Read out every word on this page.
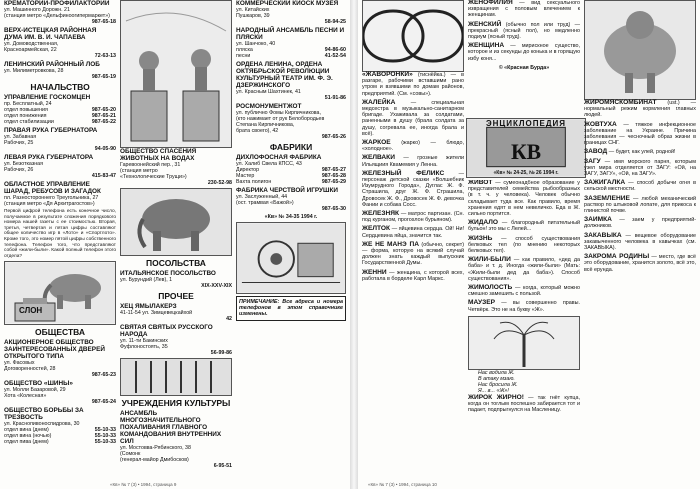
КРЕМАТОРИЙ-ПРОФИЛАКТОРИЙ
ул. Машинного Дорожн. 21
(станция метро «Дельфиноогипермаркет»)
987-65-18
ВЕРХ-ИСТЕЦКАЯ РАЙОННАЯ ДУМА ИМ. В. И. ЧАПАЕВА
ул. Домоводственная,
Красноармейская, 22
72-63-13
ЛЕНИНСКИЙ РАЙОННЫЙ ЛОБ
ул. Милиметровкова, 28
987-65-19
НАЧАЛЬСТВО
УПРАВЛЕНИЕ ГОСКОМЦЕН
пр. Бесплатный, 24
отдел повышения	987-65-20
отдел понижения	987-65-21
отдел стабилизации	987-65-22
ПРАВАЯ РУКА ГУБЕРНАТОРА
ул. Забавная
Рабочих, 25
94-05-90
ЛЕВАЯ РУКА ГУБЕРНАТОРА
ул. Безотказная
Рабочих, 26
415-83-47
ОБЛАСТНОЕ УПРАВЛЕНИЕ ШАРАД, РЕБУСОВ И ЗАГАДОК
пл. Разностороннего Треугольника, 27
(станция метро «Дя Архитрагостов»)
Первой цифрой телефона есть конечное число, получаемое в результате сложения порядкового номера нашей газеты с ее стоимостью. Вторая, третья, четвертая и пятая цифры составляют общее количество игр в «Лото» и «Спортлото». Кроме того, это номер пятой цифры собственного телефона. Телефон того, что представляют собой «жили-были». Какой полный телефон этого отдела?
СЛОН
ОБЩЕСТВА
АКЦИОНЕРНОЕ ОБЩЕСТВО ЗАИНТЕРЕСОВАННЫХ ДВЕРЕЙ ОТКРЫТОГО ТИПА
ул. Фасовых
Договоренностей, 28
987-65-23
ОБЩЕСТВО «ШИНЫ»
ул. Молли Базаровой, 29
Хота «Колесная»
987-65-24
ОБЩЕСТВО БОРЬБЫ ЗА ТРЕЗВОСТЬ
ул. Краснопивоноспидрова, 30
отдел вина (днем)	55-10-33
отдел вина (ночью)	55-10-33
отдел пива (днем)	55-10-33
ОБЩЕСТВО СПАСЕНИЯ ЖИВОТНЫХ НА ВОДАХ
Гаревоонейский пер., 31
(станция метро
«Технологические Трущи»)
230-52-98
ПОСОЛЬСТВА
ИТАЛЬЯНСКОЕ ПОСОЛЬСТВО
ул. Бурундий (Лев), 1
XIX-XXV-XIX
ПРОЧЕЕ
ХЕЦ ЯМЫЛАКЕРЗ
41-11-54 ул. Зимцевецкайхой
42
СВЯТАЯ СВЯТЫХ РУССКОГО НАРОДА
ул. 11-ти Бакинских
Фуфлоностоять, 35
56-99-86
УЧРЕЖДЕНИЯ КУЛЬТУРЫ
АНСАМБЛЬ МНОГОЗНАЧИТЕЛЬНОГО ПОХАЛИВАНИЯ ГЛАВНОГО КОМАНДОВАНИЯ ВНУТРЕННИХ СИЛ
ул. Мостовва-Рябинского, 38
(Сомонк
(генерал-майор Дмибосков)
6-95-51
КОММЕРЧЕСКИЙ КИОСК МУЗЕЯ
ул. Китайских
Пушкаров, 39
58-94-25
НАРОДНЫЙ АНСАМБЛЬ ПЕСНИ И ПЛЯСКИ
ул. Шанчоко, 40
пляска	94-86-60
песни	41-52-54
ОРДЕНА ЛЕНИНА, ОРДЕНА ОКТЯБРЬСКОЙ РЕВОЛЮЦИИ КУЛЬТУРНЫЙ ТЕАТР ИМ. Ф. Э. ДЗЕРЖИНСКОГО
ул. Красным Шахтинек, 41
51-91-86
РОСМОНУМЕНТЖОТ
ул. публично Фомы Кирпичникова,
(кто нажимает от рук Белобородьев
Степана Кирпичникова,
брата своего), 42
987-65-26
ФАБРИКИ
ДИХЛОФОСНАЯ ФАБРИКА
ул. Халиб Свела КПСС, 43
Директор	987-65-27
Мастер	987-65-28
Вахта полигон	987-65-29
ФАБРИКА ЧЕРСТВОЙ ИГРУШКИ
ул. Заслуженный, 44
(ост. трамвая «Бажой»)
987-65-30
«Кв» № 34-35 1994 г.
ПРИМЕЧАНИЕ: Все адреса и номера телефонов в этом справочнике изменены.
«Кв» № 7 (3) • 1994, страница 9
«ЖАВОРОНКИ» (тиснёйка.) — в разгаре, рабочими вставшими рано утром и взявшими по домам районов, предприятий. (См. «совы»).
ЖАЛЕЙКА — специальная медсестра в музыкально-санитарном бригаде. Ухаживала за солдатами, раненными в душу (брала солдата за душу, согревала ее, иногда брала и всё).
ЖАРКОЕ (жарко) — блюдо, «холодное».
ЖЕЛВАКИ — грозные жители Ильящиия Квамемия у Ленна.
ЖЕЛЕЗНЫЙ ФЕЛИКС — персонаж детской сказки «Волшебник Изумрудного Города», Дуглас Ж. Ф. Страшила, друг Ж. Ф. Страшила, Дровосек Ж. Ф., Дровосек Ж. Ф. девочка Фании и собака Сосс.
ЖЕЛЕЗНЯК — матрос партизан. (Сн. под курганом, пporosлон бурьяном).
ЖЕЛТОК — яйцевина сердца. Ой! Ни! Сердцевина яйца, значится так.
ЖЕ НЕ МАНЭ ПА (обычно, секрет) — форма, которую на всякий случай должен знать каждый выпускник Государственной Думы.
ЖЕННИ — женщина, с которой всех, работала в борделе Карл Маркс.
ЖЕНОФИЛИЯ — вид сексуального извращения с половым влечением к женщинам.
ЖЕНСКИЙ (обычно пол или труд) — прекрасный (ясный пол), но медленно подиум (ясный труд).
ЖЕНЩИНА — мирискное существо, которое и из секунды до конька и в горящую избу коня...
© «Красная Бурда»
КВ
ЭНЦИКЛОПЕДИЯ
«Кв» № 24-25, № 26 1994 г.
ЖИВОТ — сумеонадбное образование у представителей семейства рыбообразных (в т. ч. у человека). Человек обычно складывает туда все. Как правило, время хранения едят в нем невеличко. Еда в Ж. сильно портится.
ЖИДАЛО — благородный питательный бульон! это мы с Лелей...
ЖИЗНЬ — способ существования белковых тел (по мнению некоторых белковых тел).
ЖИЛИ-БЫЛИ — как правило, «дед да баба» и т. д. Иногда «жили-были» (Мать: «Жили-были дед да баба»). Способ существования».
ЖИМОЛОСТЬ — когда, который можно смешно замешить с пользой.
МАУЗЕР — вы совершенно правы. Четвёрк. Это не на букву «Ж».
Нас водила Ж.
В атаку мзаю.
Нас бросила Ж.
Я... в... «Ж»!
ЖИРОК ЖИРНО! — так гнёт купца, когда он тоглым поспешно забирается тот и падает, подпрыгнулся на Масленицу.
ЖИРОМЯСКОМБИНАТ (ust.) — нормальный режим кормления главных людей.
ЖОВТУХА — тяжкое инфекционное заболевание на Украине. Причина заболевания — чесночный образ жизни в границах СНГ.
ЗАВОД — будет, как улей, родной!
ЗАГУ — имя морского парня, которым узел мира отделяется от ЗАГУ: «Ой, на ЗАГУ, ЗАГУ», «Ой, на ЗАГУ».
ЗАЖИГАЛКА — способ добычи огня в сельской местности.
ЗАЗЕМЛЕНИЕ — любой механический раствор по штыковой лопате, для прикоса к глинистой почве.
ЗАИМКА — заем у предприятий-должников.
ЗАКАВЫКА — вещевое оборудование закавыченного человека в кавычках (см. ЗАКАВЫКА).
ЗАКРОМА РОДИНЫ — место, где всё это оборудование, хранится золото, всё это, всё ерунда.
«Кв» № 7 (3) • 1994, страница 10
